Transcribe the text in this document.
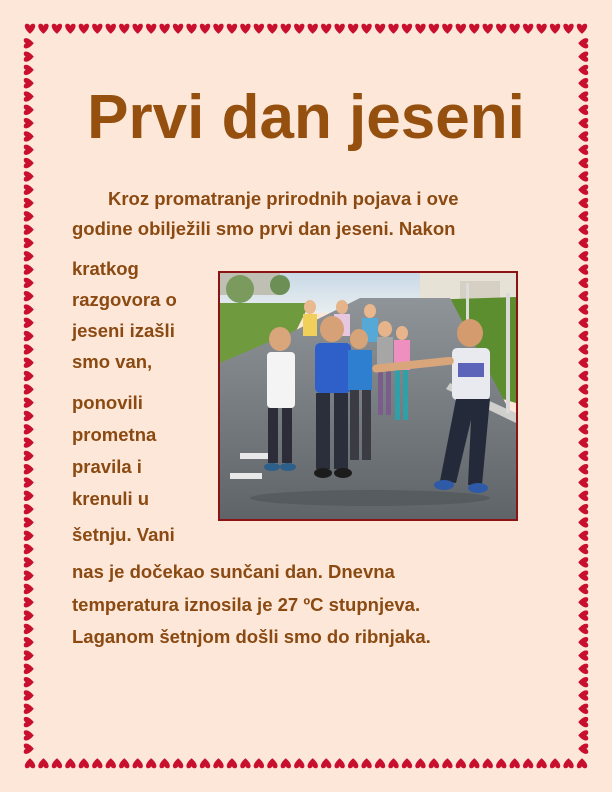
Prvi dan jeseni

Kroz promatranje prirodnih pojava i ove

godine obilježili smo prvi dan jeseni. Nakon

kratkog

razgovora o

jeseni izašli

smo van,

ponovili

prometna

pravila i

krenuli u

šetnju. Vani

nas je dočekao sunčani dan. Dnevna

temperatura iznosila je 27 ºC stupnjeva.

Laganom šetnjom došli smo do ribnjaka.
